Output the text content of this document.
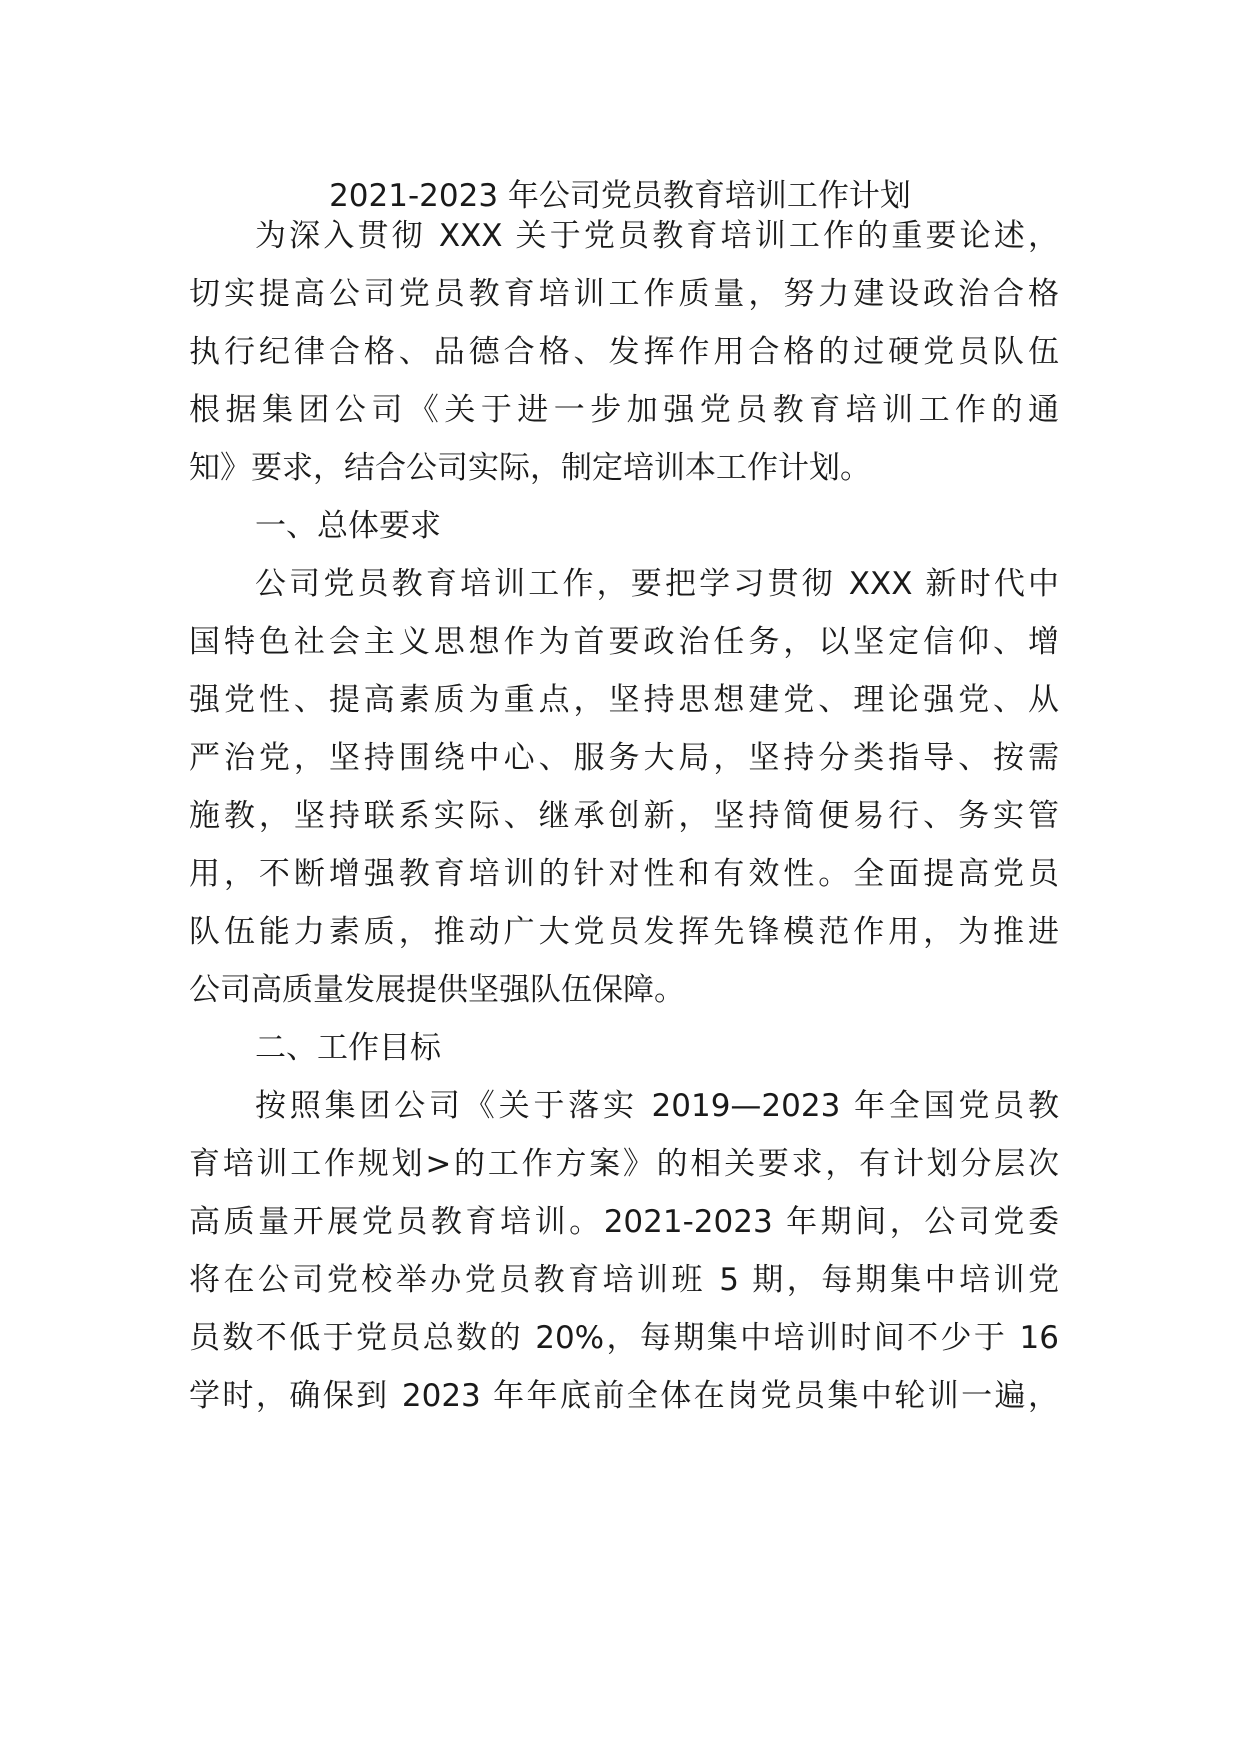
2021-2023 年公司党员教育培训工作计划
为深入贯彻 XXX 关于党员教育培训工作的重要论述，
切实提高公司党员教育培训工作质量，努力建设政治合格
执行纪律合格、品德合格、发挥作用合格的过硬党员队伍
根据集团公司《关于进一步加强党员教育培训工作的通
知》要求，结合公司实际，制定培训本工作计划。
一、总体要求
公司党员教育培训工作，要把学习贯彻 XXX 新时代中
国特色社会主义思想作为首要政治任务，以坚定信仰、增
强党性、提高素质为重点，坚持思想建党、理论强党、从
严治党，坚持围绕中心、服务大局，坚持分类指导、按需
施教，坚持联系实际、继承创新，坚持简便易行、务实管
用，不断增强教育培训的针对性和有效性。全面提高党员
队伍能力素质，推动广大党员发挥先锋模范作用，为推进
公司高质量发展提供坚强队伍保障。
二、工作目标
按照集团公司《关于落实 2019—2023 年全国党员教
育培训工作规划>的工作方案》的相关要求，有计划分层次
高质量开展党员教育培训。2021-2023 年期间，公司党委
将在公司党校举办党员教育培训班 5 期，每期集中培训党
员数不低于党员总数的 20%，每期集中培训时间不少于 16
学时，确保到 2023 年年底前全体在岗党员集中轮训一遍，
